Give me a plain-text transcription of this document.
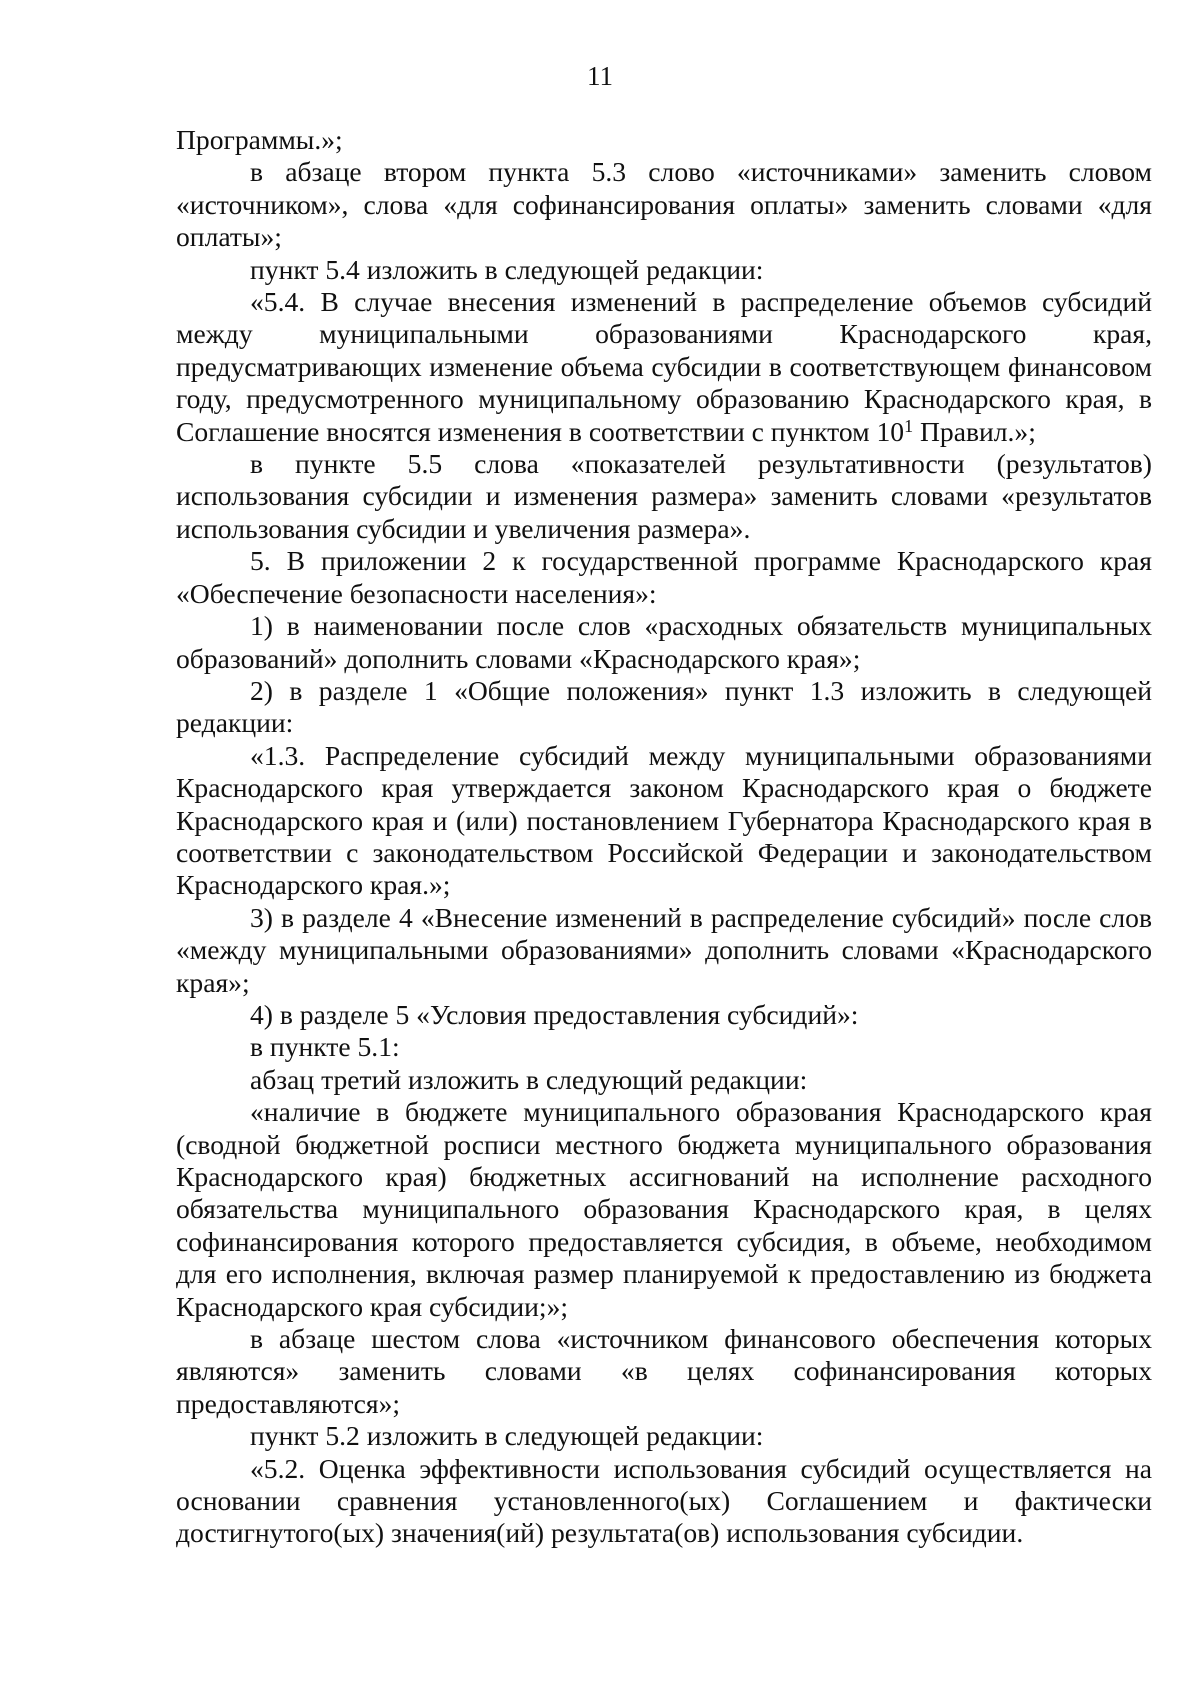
11

Программы.»;

в абзаце втором пункта 5.3 слово «источниками» заменить словом «источником», слова «для софинансирования оплаты» заменить словами «для оплаты»;

пункт 5.4 изложить в следующей редакции:

«5.4. В случае внесения изменений в распределение объемов субсидий между муниципальными образованиями Краснодарского края, предусматривающих изменение объема субсидии в соответствующем финансовом году, предусмотренного муниципальному образованию Краснодарского края, в Соглашение вносятся изменения в соответствии с пунктом $10^1$ Правил.»;

в пункте 5.5 слова «показателей результативности (результатов) использования субсидии и изменения размера» заменить словами «результатов использования субсидии и увеличения размера».

5. В приложении 2 к государственной программе Краснодарского края «Обеспечение безопасности населения»:

1) в наименовании после слов «расходных обязательств муниципальных образований» дополнить словами «Краснодарского края»;

2) в разделе 1 «Общие положения» пункт 1.3 изложить в следующей редакции:

«1.3. Распределение субсидий между муниципальными образованиями Краснодарского края утверждается законом Краснодарского края о бюджете Краснодарского края и (или) постановлением Губернатора Краснодарского края в соответствии с законодательством Российской Федерации и законодательством Краснодарского края.»;

3) в разделе 4 «Внесение изменений в распределение субсидий» после слов «между муниципальными образованиями» дополнить словами «Краснодарского края»;

4) в разделе 5 «Условия предоставления субсидий»:

в пункте 5.1:

абзац третий изложить в следующий редакции:

«наличие в бюджете муниципального образования Краснодарского края (сводной бюджетной росписи местного бюджета муниципального образования Краснодарского края) бюджетных ассигнований на исполнение расходного обязательства муниципального образования Краснодарского края, в целях софинансирования которого предоставляется субсидия, в объеме, необходимом для его исполнения, включая размер планируемой к предоставлению из бюджета Краснодарского края субсидии;»;

в абзаце шестом слова «источником финансового обеспечения которых являются» заменить словами «в целях софинансирования которых предоставляются»;

пункт 5.2 изложить в следующей редакции:

«5.2. Оценка эффективности использования субсидий осуществляется на основании сравнения установленного(ых) Соглашением и фактически достигнутого(ых) значения(ий) результата(ов) использования субсидии.
